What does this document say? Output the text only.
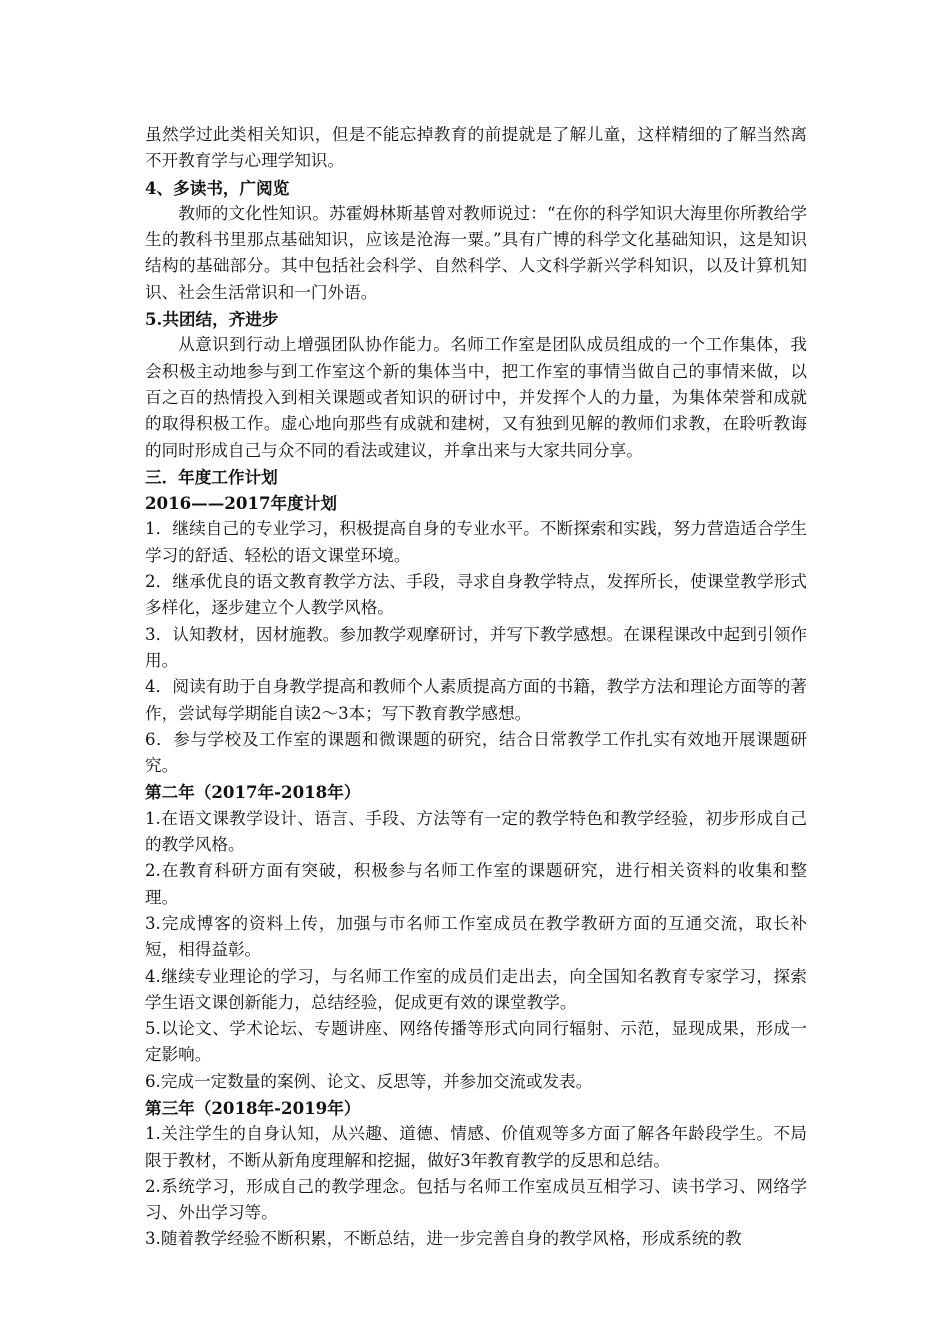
虽然学过此类相关知识，但是不能忘掉教育的前提就是了解儿童，这样精细的了解当然离不开教育学与心理学知识。

4、多读书，广阅览

教师的文化性知识。苏霍姆林斯基曾对教师说过：“在你的科学知识大海里你所教给学生的教科书里那点基础知识，应该是沧海一粟。”具有广博的科学文化基础知识，这是知识结构的基础部分。其中包括社会科学、自然科学、人文科学新兴学科知识，以及计算机知识、社会生活常识和一门外语。

5.共团结，齐进步

从意识到行动上增强团队协作能力。名师工作室是团队成员组成的一个工作集体，我会积极主动地参与到工作室这个新的集体当中，把工作室的事情当做自己的事情来做，以百之百的热情投入到相关课题或者知识的研讨中，并发挥个人的力量，为集体荣誉和成就的取得积极工作。虚心地向那些有成就和建树，又有独到见解的教师们求教，在聆听教诲的同时形成自己与众不同的看法或建议，并拿出来与大家共同分享。

三．年度工作计划

2016——2017年度计划

1．继续自己的专业学习，积极提高自身的专业水平。不断探索和实践，努力营造适合学生学习的舒适、轻松的语文课堂环境。

2．继承优良的语文教育教学方法、手段，寻求自身教学特点，发挥所长，使课堂教学形式多样化，逐步建立个人教学风格。

3．认知教材，因材施教。参加教学观摩研讨，并写下教学感想。在课程课改中起到引领作用。

4．阅读有助于自身教学提高和教师个人素质提高方面的书籍，教学方法和理论方面等的著作，尝试每学期能自读2～3本；写下教育教学感想。

6．参与学校及工作室的课题和微课题的研究，结合日常教学工作扎实有效地开展课题研究。

第二年（2017年-2018年）

1.在语文课教学设计、语言、手段、方法等有一定的教学特色和教学经验，初步形成自己的教学风格。

2.在教育科研方面有突破，积极参与名师工作室的课题研究，进行相关资料的收集和整理。

3.完成博客的资料上传，加强与市名师工作室成员在教学教研方面的互通交流，取长补短，相得益彰。

4.继续专业理论的学习，与名师工作室的成员们走出去，向全国知名教育专家学习，探索学生语文课创新能力，总结经验，促成更有效的课堂教学。

5.以论文、学术论坛、专题讲座、网络传播等形式向同行辐射、示范，显现成果，形成一定影响。

6.完成一定数量的案例、论文、反思等，并参加交流或发表。

第三年（2018年-2019年）

1.关注学生的自身认知，从兴趣、道德、情感、价值观等多方面了解各年龄段学生。不局限于教材，不断从新角度理解和挖掘，做好3年教育教学的反思和总结。

2.系统学习，形成自己的教学理念。包括与名师工作室成员互相学习、读书学习、网络学习、外出学习等。

3.随着教学经验不断积累，不断总结，进一步完善自身的教学风格，形成系统的教
